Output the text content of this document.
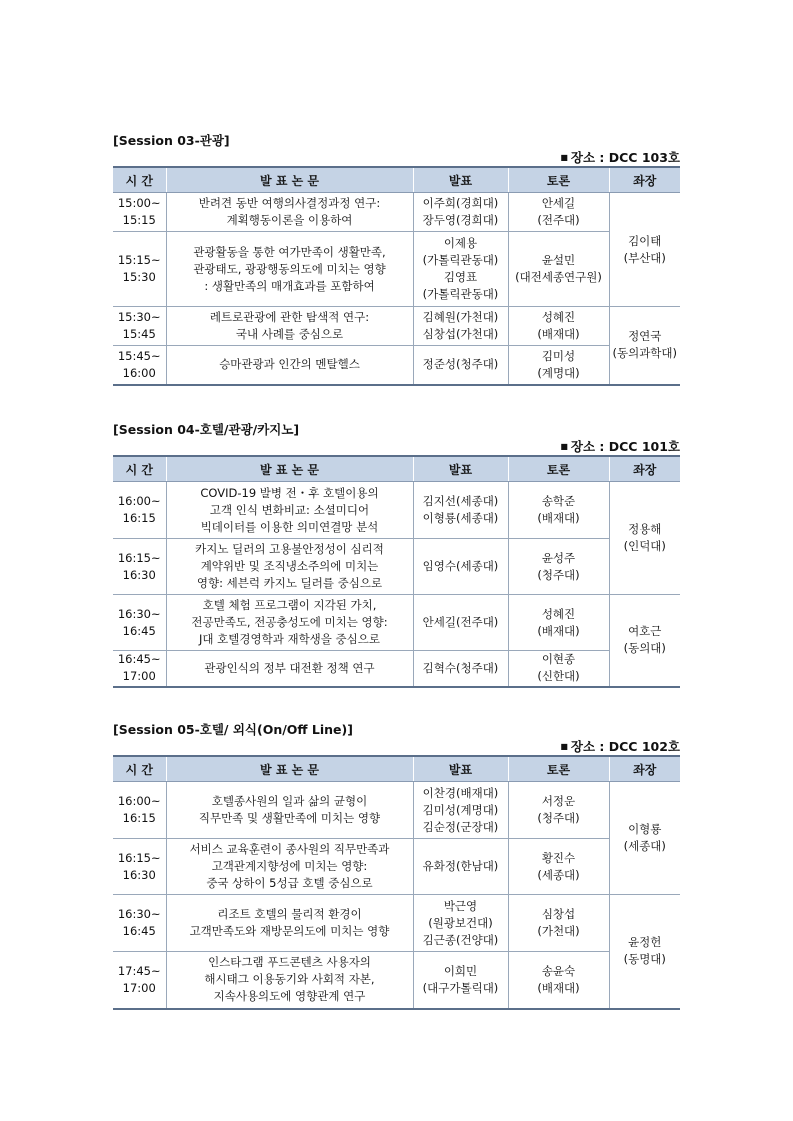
[Session 03-관광]
■ 장소 : DCC 103호
시 간	발 표 논 문	발표	토론	좌장

15:00~
15:15	반려견 동반 여행의사결정과정 연구:
계획행동이론을 이용하여	이주희(경희대)
장두영(경희대)	안세길
(전주대)	김이태
(부산대)

15:15~
15:30	관광활동을 통한 여가만족이 생활만족,
관광태도, 광광행동의도에 미치는 영향
: 생활만족의 매개효과를 포함하여	이제용
(가톨릭관동대)
김영표
(가톨릭관동대)	윤설민
(대전세종연구원)	

15:30~
15:45	레트로관광에 관한 탐색적 연구:
국내 사례를 중심으로	김혜원(가천대)
심창섭(가천대)	성혜진
(배재대)	정연국
(동의과학대)

15:45~
16:00	승마관광과 인간의 멘탈헬스	정준성(청주대)	김미성
(계명대)	
[Session 04-호텔/관광/카지노]
■ 장소 : DCC 101호
시 간	발 표 논 문	발표	토론	좌장

16:00~
16:15	COVID-19 발병 전・후 호텔이용의
고객 인식 변화비교: 소셜미디어
빅데이터를 이용한 의미연결망 분석	김지선(세종대)
이형룡(세종대)	송학준
(배재대)	정용해
(인덕대)

16:15~
16:30	카지노 딜러의 고용불안정성이 심리적
계약위반 및 조직냉소주의에 미치는
영향: 세븐럭 카지노 딜러를 중심으로	임영수(세종대)	윤성주
(청주대)	

16:30~
16:45	호텔 체험 프로그램이 지각된 가치,
전공만족도, 전공충성도에 미치는 영향:
J대 호텔경영학과 재학생을 중심으로	안세길(전주대)	성혜진
(배재대)	여호근
(동의대)

16:45~
17:00	관광인식의 정부 대전환 정책 연구	김혁수(청주대)	이현종
(신한대)	
[Session 05-호텔/ 외식(On/Off Line)]
■ 장소 : DCC 102호
시 간	발 표 논 문	발표	토론	좌장

16:00~
16:15	호텔종사원의 일과 삶의 균형이
직무만족 및 생활만족에 미치는 영향	이찬경(배재대)
김미성(계명대)
김순정(군장대)	서정운
(청주대)	이형룡
(세종대)

16:15~
16:30	서비스 교육훈련이 종사원의 직무만족과
고객관계지향성에 미치는 영향:
중국 상하이 5성급 호텔 중심으로	유화정(한남대)	황진수
(세종대)	

16:30~
16:45	리조트 호텔의 물리적 환경이
고객만족도와 재방문의도에 미치는 영향	박근영
(원광보건대)
김근종(건양대)	심창섭
(가천대)	윤정헌
(동명대)

17:45~
17:00	인스타그램 푸드콘텐츠 사용자의
해시태그 이용동기와 사회적 자본,
지속사용의도에 영향관계 연구	이희민
(대구가톨릭대)	송윤숙
(배재대)	
